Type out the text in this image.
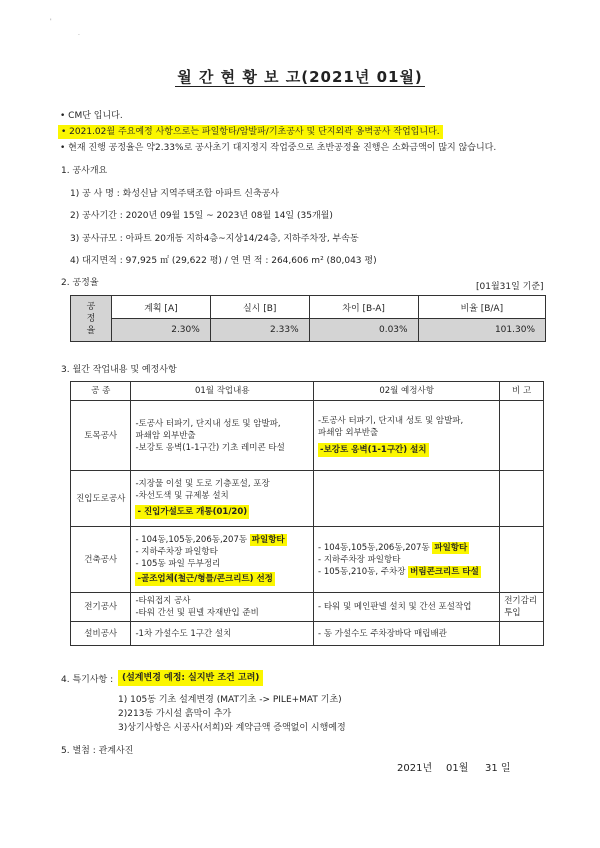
'
.
월 간 현 황 보 고(2021년 01월)
• CM단 입니다.
• 2021.02월 주요예정 사항으로는 파일항타/암발파/기초공사 및 단지외곽 옹벽공사 작업입니다.
• 현재 진행 공정율은 약2.33%로 공사초기 대지정지 작업중으로 초반공정율 진행은 소화금액이 많지 않습니다.
1. 공사개요
1) 공 사 명 : 화성신남 지역주택조합 아파트 신축공사
2) 공사기간 : 2020년 09월 15일 ~ 2023년 08월 14일 (35개월)
3) 공사규모 : 아파트 20개동 지하4층~지상14/24층, 지하주차장, 부속동
4) 대지면적 : 97,925 ㎡ (29,622 평) / 연 면 적 : 264,606 m² (80,043 평)
2. 공정율	[01월31일 기준]
공 정 율	계획 [A]	실시 [B]	차이 [B-A]	비율 [B/A]
	2.30%	2.33%	0.03%	101.30%
3. 월간 작업내용 및 예정사항
공 종	01월 작업내용	02월 예정사항	비 고
토목공사	-토공사 터파기, 단지내 성토 및 암발파,
파쇄암 외부반출
-보강토 옹벽(1-1구간) 기초 레미콘 타설	-토공사 터파기, 단지내 성토 및 암발파,
파쇄암 외부반출
-보강토 옹벽(1-1구간) 설치	
진입도로공사	-지장물 이설 및 도로 기층포설, 포장
-차선도색 및 규제봉 설치
- 진입가설도로 개통(01/20)		
건축공사	- 104동,105동,206동,207동 파일항타
- 지하주차장 파일항타
- 105동 파일 두부정리
-골조업체(철근/형틀/콘크리트) 선정	- 104동,105동,206동,207동 파일항타
- 지하주차장 파일항타
- 105동,210동, 주차장 버림콘크리트 타설	

전기공사	-타워접지 공사
-타워 간선 및 핀넬 자재반입 준비	- 타워 및 메인판넬 설치 및 간선 포설작업	전기감리 투입
설비공사	-1차 가설수도 1구간 설치	- 동 가설수도 주차장바닥 매립배관	

4. 특기사항 : (설계변경 예정: 실지반 조건 고려)
1) 105동 기초 설계변경 (MAT기초 -> PILE+MAT 기초)
2)213동 가시설 흙막이 추가
3)상기사항은 시공사(서희)와 계약금액 증액없이 시행예정
5. 별첨 : 관계사진
2021년 01월 31 일
